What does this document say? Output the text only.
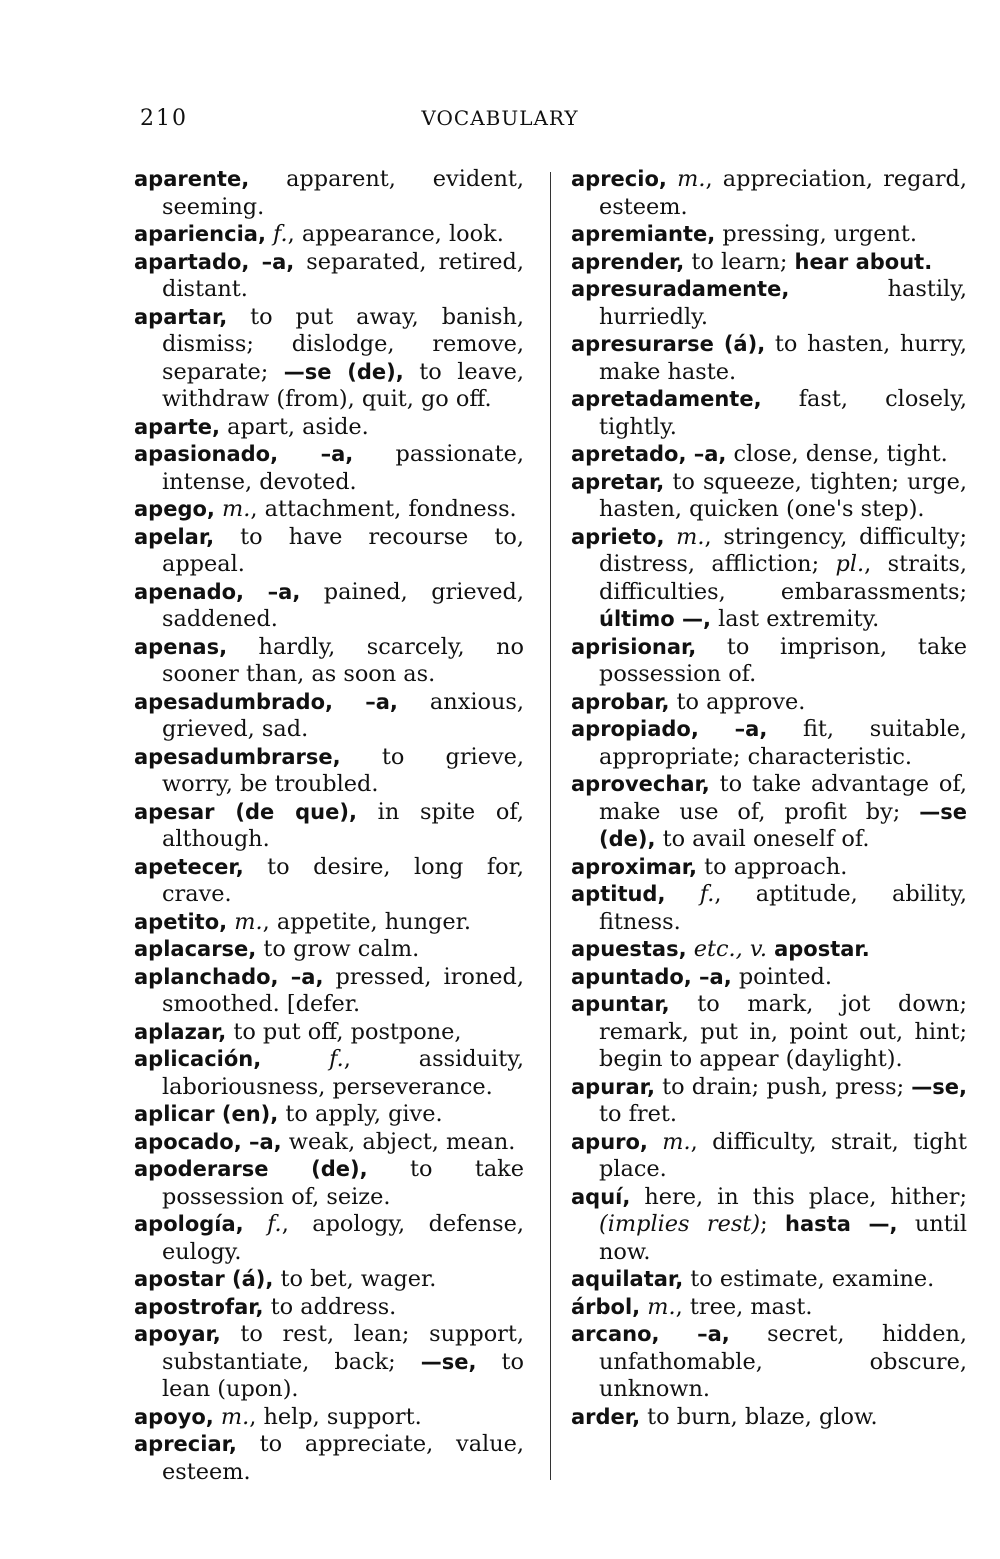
210	VOCABULARY

aparente, apparent, evident, seeming.

apariencia, f., appearance, look.

apartado, –a, separated, retired, distant.

apartar, to put away, banish, dismiss; dislodge, remove, separate; —se (de), to leave, withdraw (from), quit, go off.

aparte, apart, aside.

apasionado, –a, passionate, intense, devoted.

apego, m., attachment, fondness.

apelar, to have recourse to, appeal.

apenado, –a, pained, grieved, saddened.

apenas, hardly, scarcely, no sooner than, as soon as.

apesadumbrado, –a, anxious, grieved, sad.

apesadumbrarse, to grieve, worry, be troubled.

apesar (de que), in spite of, although.

apetecer, to desire, long for, crave.

apetito, m., appetite, hunger.

aplacarse, to grow calm.

aplanchado, –a, pressed, ironed, smoothed. [defer.

aplazar, to put off, postpone,

aplicación, f., assiduity, laboriousness, perseverance.

aplicar (en), to apply, give.

apocado, –a, weak, abject, mean.

apoderarse (de), to take possession of, seize.

apología, f., apology, defense, eulogy.

apostar (á), to bet, wager.

apostrofar, to address.

apoyar, to rest, lean; support, substantiate, back; —se, to lean (upon).

apoyo, m., help, support.

apreciar, to appreciate, value, esteem.

aprecio, m., appreciation, regard, esteem.

apremiante, pressing, urgent.

aprender, to learn; hear about.

apresuradamente, hastily, hurriedly.

apresurarse (á), to hasten, hurry, make haste.

apretadamente, fast, closely, tightly.

apretado, –a, close, dense, tight.

apretar, to squeeze, tighten; urge, hasten, quicken (one's step).

aprieto, m., stringency, difficulty; distress, affliction; pl., straits, difficulties, embarassments; último —, last extremity.

aprisionar, to imprison, take possession of.

aprobar, to approve.

apropiado, –a, fit, suitable, appropriate; characteristic.

aprovechar, to take advantage of, make use of, profit by; —se (de), to avail oneself of.

aproximar, to approach.

aptitud, f., aptitude, ability, fitness.

apuestas, etc., v. apostar.

apuntado, –a, pointed.

apuntar, to mark, jot down; remark, put in, point out, hint; begin to appear (daylight).

apurar, to drain; push, press; —se, to fret.

apuro, m., difficulty, strait, tight place.

aquí, here, in this place, hither; (implies rest); hasta —, until now.

aquilatar, to estimate, examine.

árbol, m., tree, mast.

arcano, –a, secret, hidden, unfathomable, obscure, unknown.

arder, to burn, blaze, glow.
